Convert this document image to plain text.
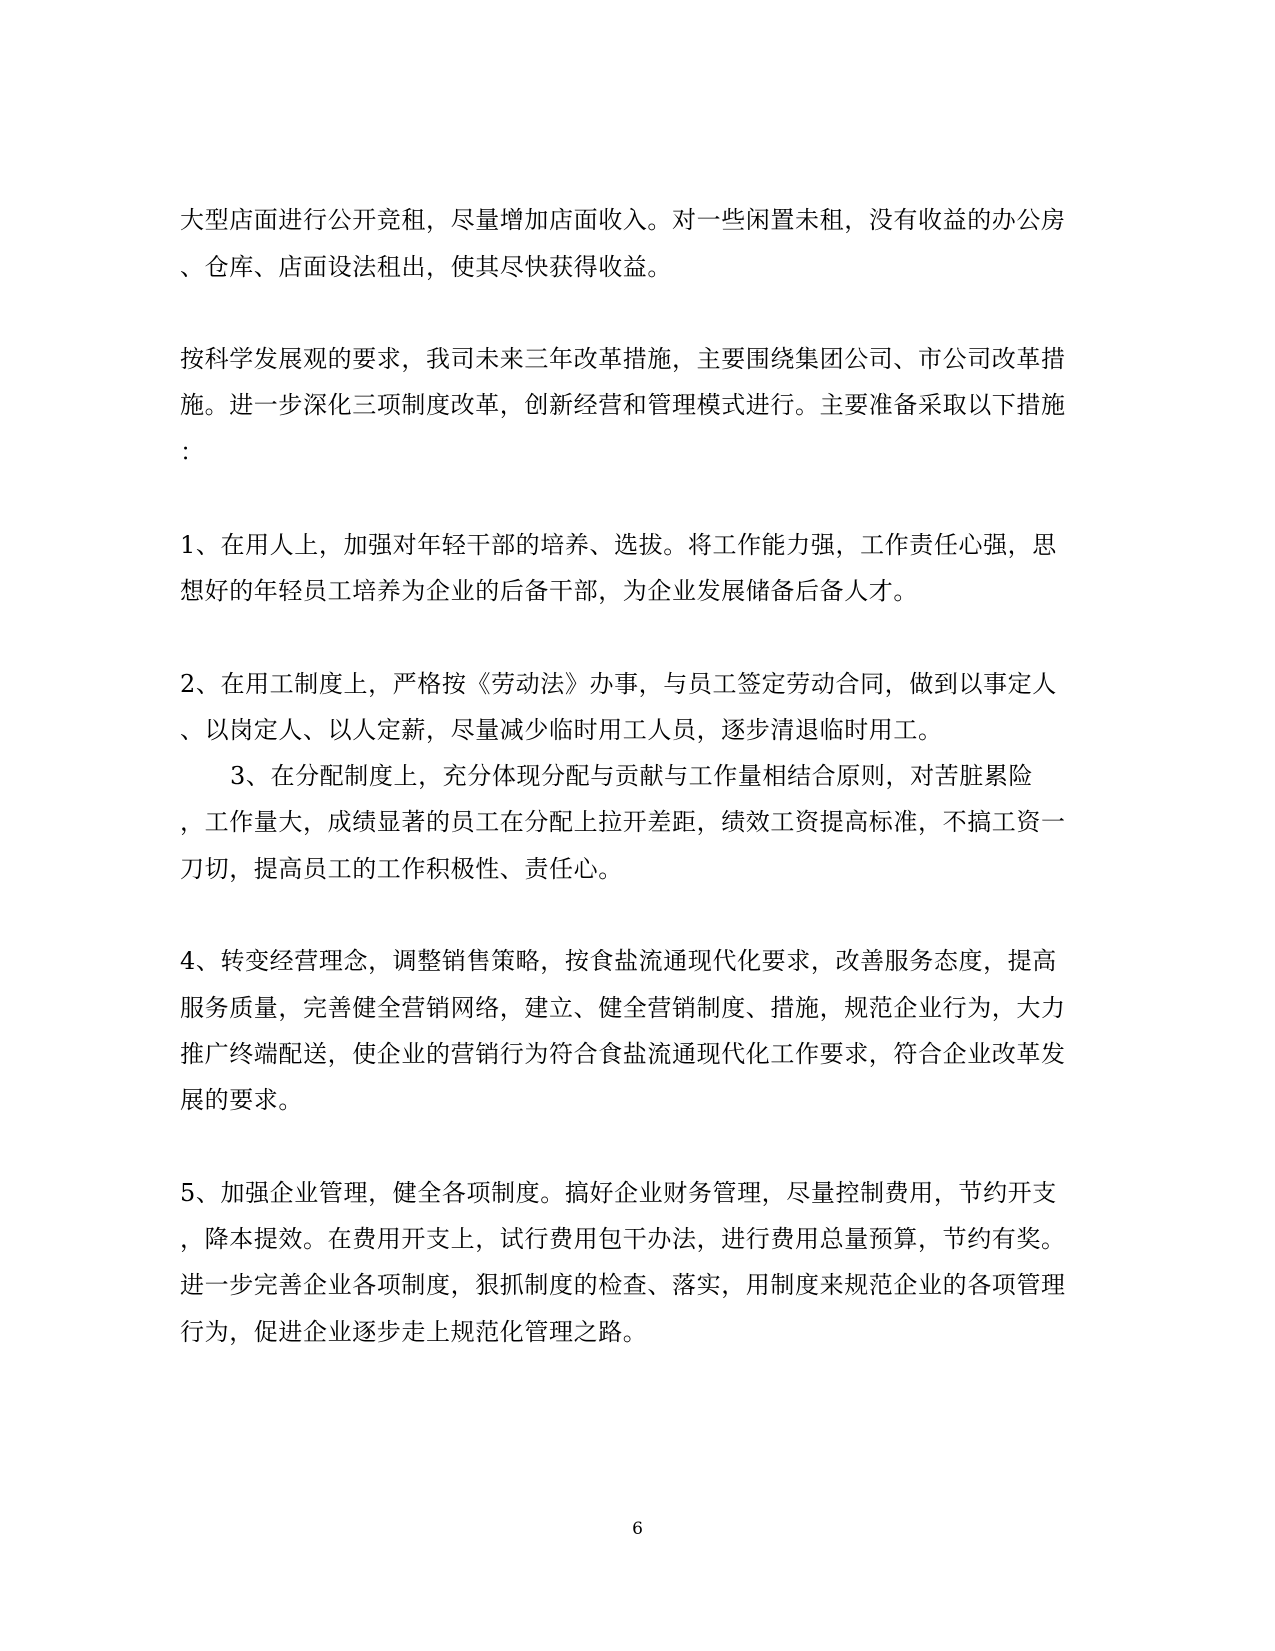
大型店面进行公开竞租，尽量增加店面收入。对一些闲置未租，没有收益的办公房
、仓库、店面设法租出，使其尽快获得收益。
按科学发展观的要求，我司未来三年改革措施，主要围绕集团公司、市公司改革措
施。进一步深化三项制度改革，创新经营和管理模式进行。主要准备采取以下措施
：
1、在用人上，加强对年轻干部的培养、选拔。将工作能力强，工作责任心强，思
想好的年轻员工培养为企业的后备干部，为企业发展储备后备人才。
2、在用工制度上，严格按《劳动法》办事，与员工签定劳动合同，做到以事定人
、以岗定人、以人定薪，尽量减少临时用工人员，逐步清退临时用工。
3、在分配制度上，充分体现分配与贡献与工作量相结合原则，对苦脏累险
，工作量大，成绩显著的员工在分配上拉开差距，绩效工资提高标准，不搞工资一
刀切，提高员工的工作积极性、责任心。
4、转变经营理念，调整销售策略，按食盐流通现代化要求，改善服务态度，提高
服务质量，完善健全营销网络，建立、健全营销制度、措施，规范企业行为，大力
推广终端配送，使企业的营销行为符合食盐流通现代化工作要求，符合企业改革发
展的要求。
5、加强企业管理，健全各项制度。搞好企业财务管理，尽量控制费用，节约开支
，降本提效。在费用开支上，试行费用包干办法，进行费用总量预算，节约有奖。
进一步完善企业各项制度，狠抓制度的检查、落实，用制度来规范企业的各项管理
行为，促进企业逐步走上规范化管理之路。
6
